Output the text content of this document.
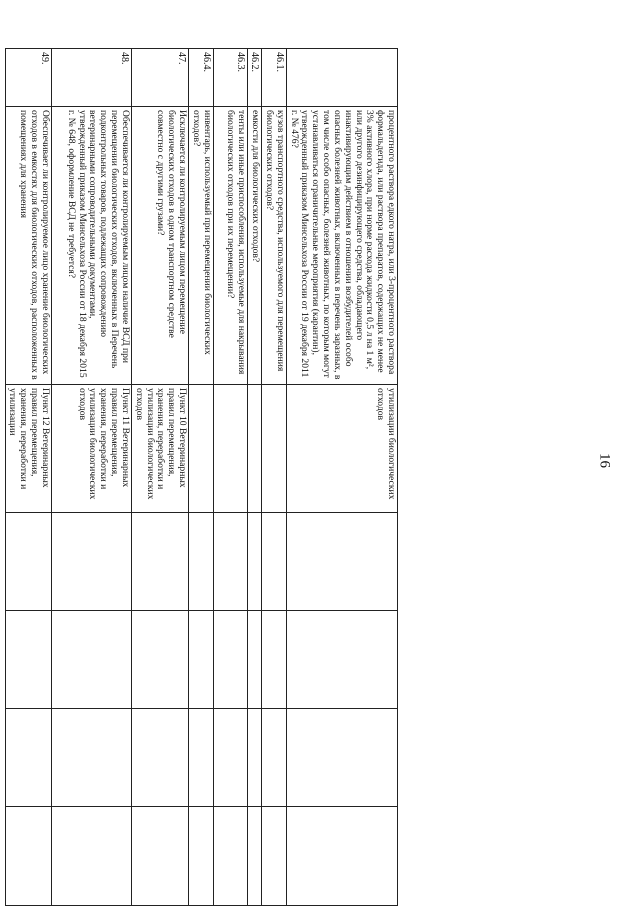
16
	процентного раствора едкого натра, или 3-процентного раствора формальдегида, или раствора препаратов, содержащих не менее 3% активного хлора, при норме расхода жидкости 0,5 л на 1 м², или другого дезинфицирующего средства, обладающего инактивирующим действием в отношении возбудителей особо опасных болезней животных, включенных в перечень заразных, в том числе особо опасных, болезней животных, по которым могут устанавливаться ограничительные мероприятия (карантин), утвержденный приказом Минсельхоза России от 19 декабря 2011 г. № 476?	утилизации биологических отходов				
46.1.	кузов транспортного средства, используемого для перемещения биологических отходов?					
46.2.	емкости для биологических отходов?					
46.3.	тенты или иные приспособления, используемые для накрывания биологических отходов при их перемещении?					
46.4.	инвентарь, используемый при перемещении биологических отходов?					
47.	Исключается ли контролируемым лицом перемещение биологических отходов в одном транспортном средстве совместно с другими грузами?	Пункт 10 Ветеринарных правил перемещения, хранения, переработки и утилизации биологических отходов				
48.	Обеспечивается ли контролируемым лицом наличие ВСД при перемещении биологических отходов, включенных в Перечень подконтрольных товаров, подлежащих сопровождению ветеринарными сопроводительными документами, утвержденный приказом Минсельхоза России от 18 декабря 2015 г. № 648, оформление ВСД не требуется?	Пункт 11 Ветеринарных правил перемещения, хранения, переработки и утилизации биологических отходов				
49.	Обеспечивает ли контролируемое лицо хранение биологических отходов в емкостях для биологических отходов, расположенных в помещениях для хранения	Пункт 12 Ветеринарных правил перемещения, хранения, переработки и утилизации				
